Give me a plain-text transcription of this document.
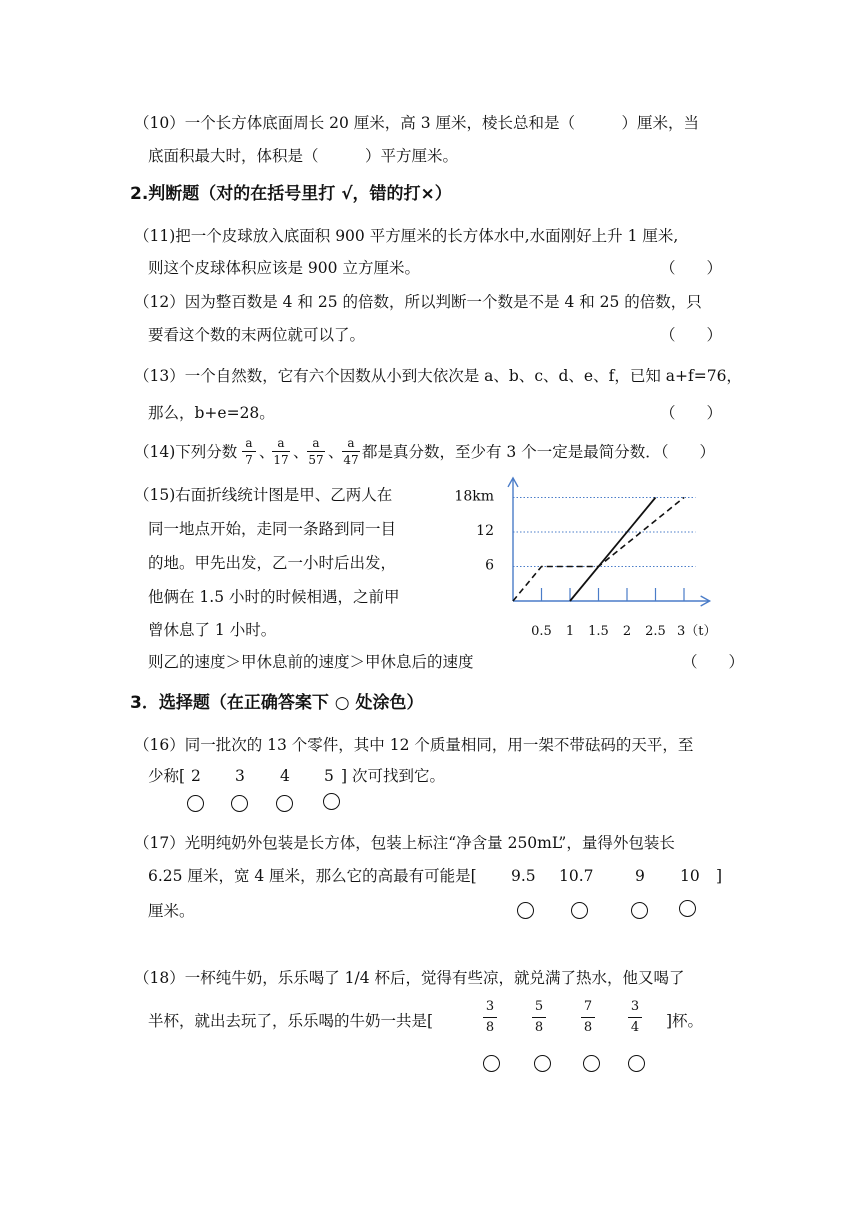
（10）一个长方体底面周长 20 厘米，高 3 厘米，棱长总和是（　　　）厘米，当
底面积最大时，体积是（　　　）平方厘米。
2.判断题（对的在括号里打 √，错的打×）
（11)把一个皮球放入底面积 900 平方厘米的长方体水中,水面刚好上升 1 厘米,
则这个皮球体积应该是 900 立方厘米。	（　　）
（12）因为整百数是 4 和 25 的倍数，所以判断一个数是不是 4 和 25 的倍数，只
要看这个数的末两位就可以了。	（　　）
（13）一个自然数，它有六个因数从小到大依次是 a、b、c、d、e、f，已知 a+f=76，
那么，b+e=28。	（　　）
（14)下列分数 a
7 、 a
17 、 a
57 、 a
47 都是真分数，至少有 3 个一定是最简分数．（　　）
（15)右面折线统计图是甲、乙两人在
同一地点开始，走同一条路到同一目
的地。甲先出发，乙一小时后出发，
他俩在 1.5 小时的时候相遇，之前甲
曾休息了 1 小时。
则乙的速度＞甲休息前的速度＞甲休息后的速度	（　　）
0.5 1 1.5 2 2.5 3（t）
6
12
18km
3．选择题（在正确答案下 ○ 处涂色）
（16）同一批次的 13 个零件，其中 12 个质量相同，用一架不带砝码的天平，至
少称[ 2 3 4 5 ] 次可找到它。
（17）光明纯奶外包装是长方体，包装上标注“净含量 250mL”，量得外包装长
6.25 厘米，宽 4 厘米，那么它的高最有可能是[ 9.5 10.7	9 10 ]
厘米。
（18）一杯纯牛奶，乐乐喝了 1/4 杯后，觉得有些凉，就兑满了热水，他又喝了
半杯，就出去玩了，乐乐喝的牛奶一共是[
3
8
5
8
7
8
3
4 ]杯。
